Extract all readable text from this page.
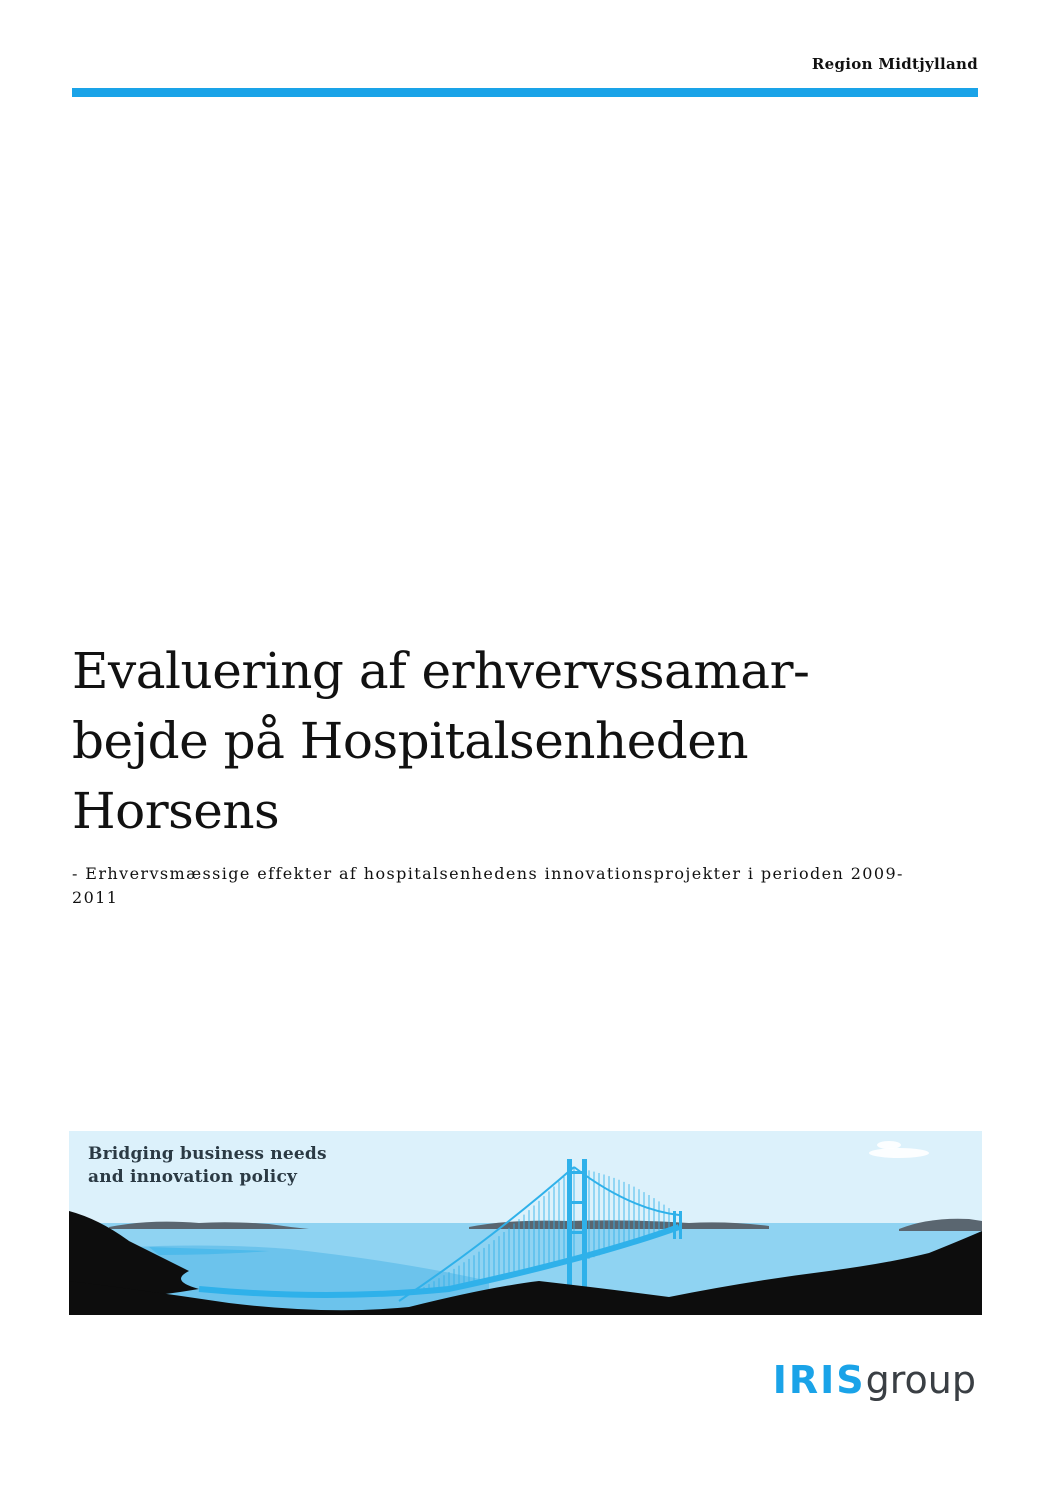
Region Midtjylland
Evaluering af erhvervssamar-
bejde på Hospitalsenheden
Horsens

- Erhvervsmæssige effekter af hospitalsenhedens innovationsprojekter i perioden 2009-
2011

Bridging business needs
and innovation policy
IRISgroup
